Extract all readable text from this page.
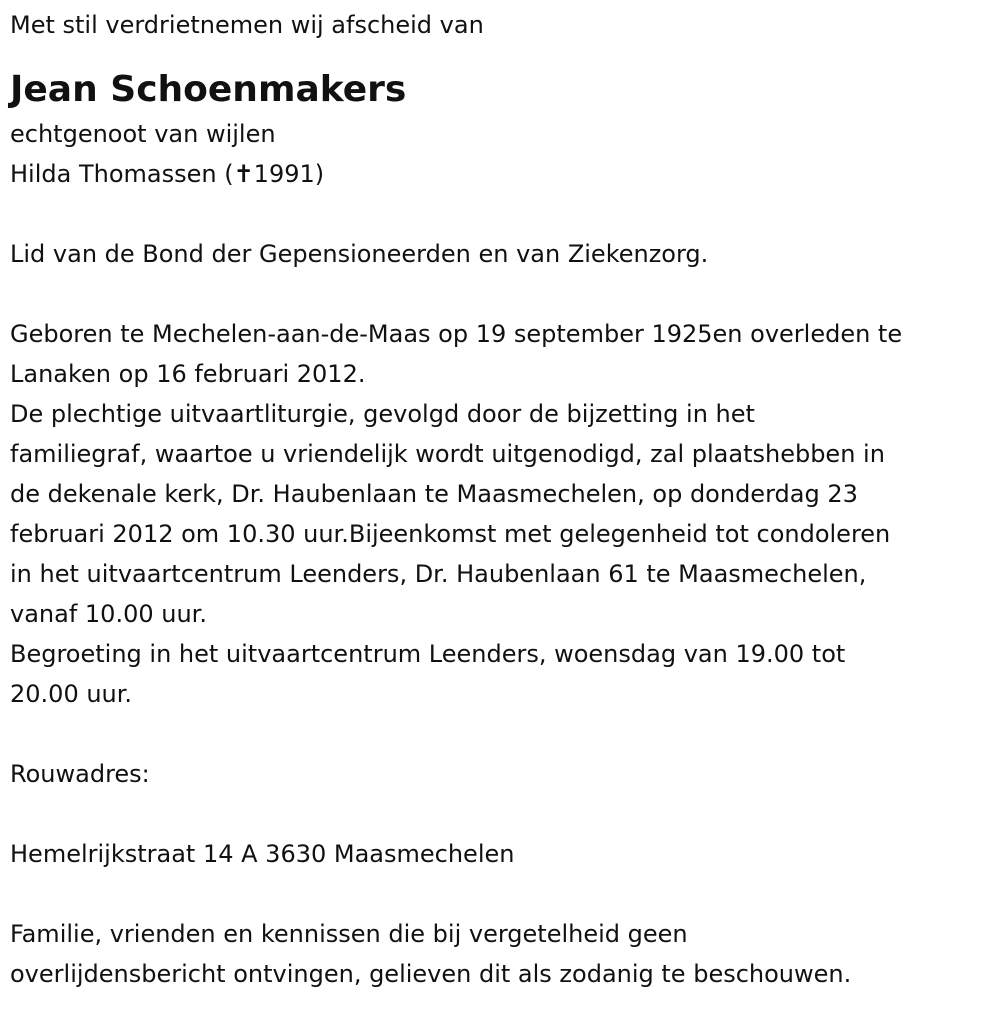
Met stil verdrietnemen wij afscheid van
Jean Schoenmakers
echtgenoot van wijlen
Hilda Thomassen (✝1991)
Lid van de Bond der Gepensioneerden en van Ziekenzorg.
Geboren te Mechelen-aan-de-Maas op 19 september 1925en overleden te
Lanaken op 16 februari 2012.
De plechtige uitvaartliturgie, gevolgd door de bijzetting in het
familiegraf, waartoe u vriendelijk wordt uitgenodigd, zal plaatshebben in
de dekenale kerk, Dr. Haubenlaan te Maasmechelen, op donderdag 23
februari 2012 om 10.30 uur.Bijeenkomst met gelegenheid tot condoleren
in het uitvaartcentrum Leenders, Dr. Haubenlaan 61 te Maasmechelen,
vanaf 10.00 uur.
Begroeting in het uitvaartcentrum Leenders, woensdag van 19.00 tot
20.00 uur.
Rouwadres:
Hemelrijkstraat 14 A 3630 Maasmechelen
Familie, vrienden en kennissen die bij vergetelheid geen
overlijdensbericht ontvingen, gelieven dit als zodanig te beschouwen.
